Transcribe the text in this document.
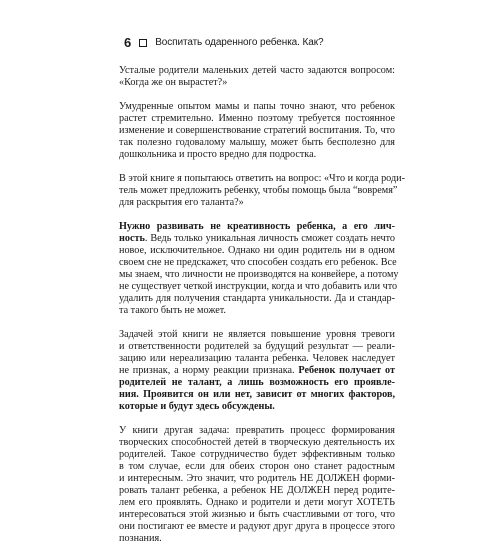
6 Воспитать одаренного ребенка. Как?

Усталые родители маленьких детей часто задаются вопросом:
«Когда же он вырастет?»

Умудренные опытом мамы и папы точно знают, что ребенок
растет стремительно. Именно поэтому требуется постоянное
изменение и совершенствование стратегий воспитания. То, что
так полезно годовалому малышу, может быть бесполезно для
дошкольника и просто вредно для подростка.

В этой книге я попытаюсь ответить на вопрос: «Что и когда роди-
тель может предложить ребенку, чтобы помощь была “вовремя”
для раскрытия его таланта?»

Нужно развивать не креативность ребенка, а его лич-
ность. Ведь только уникальная личность сможет создать нечто
новое, исключительное. Однако ни один родитель ни в одном
своем сне не предскажет, что способен создать его ребенок. Все
мы знаем, что личности не производятся на конвейере, а потому
не существует четкой инструкции, когда и что добавить или что
удалить для получения стандарта уникальности. Да и стандар-
та такого быть не может.

Задачей этой книги не является повышение уровня тревоги
и ответственности родителей за будущий результат — реали-
зацию или нереализацию таланта ребенка. Человек наследует
не признак, а норму реакции признака. Ребенок получает от
родителей не талант, а лишь возможность его проявле-
ния. Проявится он или нет, зависит от многих факторов,
которые и будут здесь обсуждены.

У книги другая задача: превратить процесс формирования
творческих способностей детей в творческую деятельность их
родителей. Такое сотрудничество будет эффективным только
в том случае, если для обеих сторон оно станет радостным
и интересным. Это значит, что родитель НЕ ДОЛЖЕН форми-
ровать талант ребенка, а ребенок НЕ ДОЛЖЕН перед родите-
лем его проявлять. Однако и родители и дети могут ХОТЕТЬ
интересоваться этой жизнью и быть счастливыми от того, что
они постигают ее вместе и радуют друг друга в процессе этого
познания.
